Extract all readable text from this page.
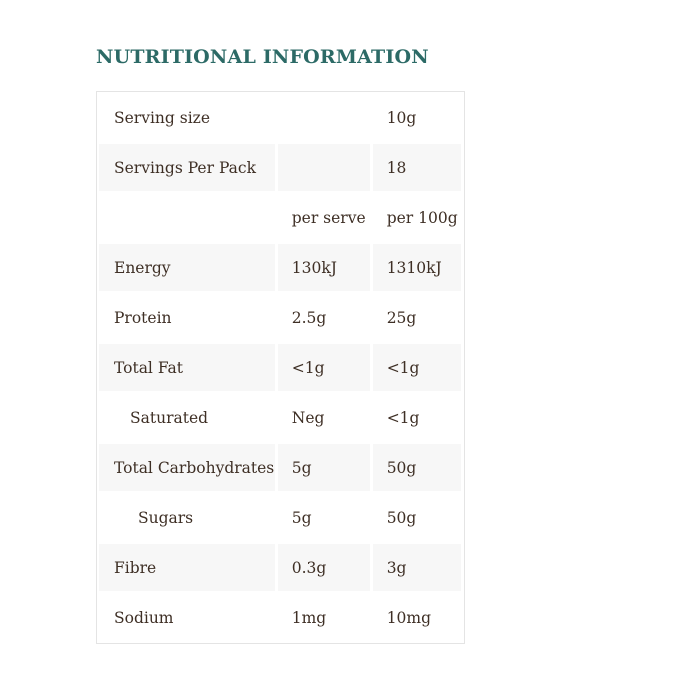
NUTRITIONAL INFORMATION
Serving size		10g
Servings Per Pack		18
	per serve	per 100g
Energy	130kJ	1310kJ
Protein	2.5g	25g
Total Fat	<1g	<1g
Saturated	Neg	<1g
Total Carbohydrates	5g	50g
Sugars	5g	50g
Fibre	0.3g	3g
Sodium	1mg	10mg
